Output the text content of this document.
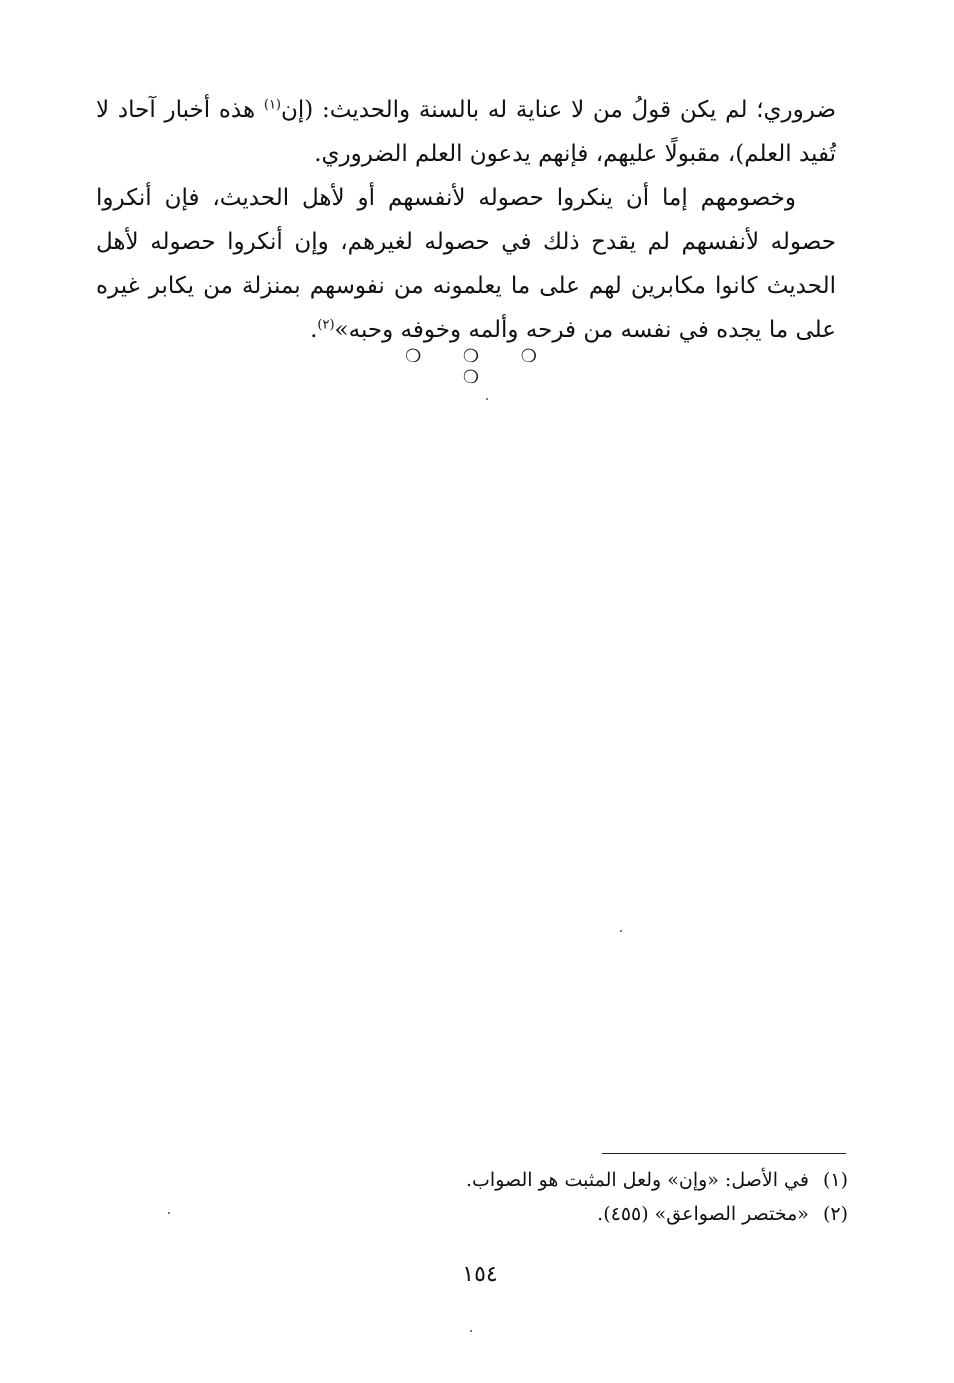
ضروري؛ لم يكن قولُ من لا عناية له بالسنة والحديث: (إن$^{(١)}$ هذه أخبار آحاد لا تُفيد العلم)، مقبولًا عليهم، فإنهم يدعون العلم الضروري.

وخصومهم إما أن ينكروا حصوله لأنفسهم أو لأهل الحديث، فإن أنكروا حصوله لأنفسهم لم يقدح ذلك في حصوله لغيرهم، وإن أنكروا حصوله لأهل الحديث كانوا مكابرين لهم على ما يعلمونه من نفوسهم بمنزلة من يكابر غيره على ما يجده في نفسه من فرحه وألمه وخوفه وحبه»$^{(٢)}$.

❍ ❍ ❍ ❍

(١)في الأصل: «وإن» ولعل المثبت هو الصواب.

(٢)«مختصر الصواعق» (٤٥٥).

١٥٤
